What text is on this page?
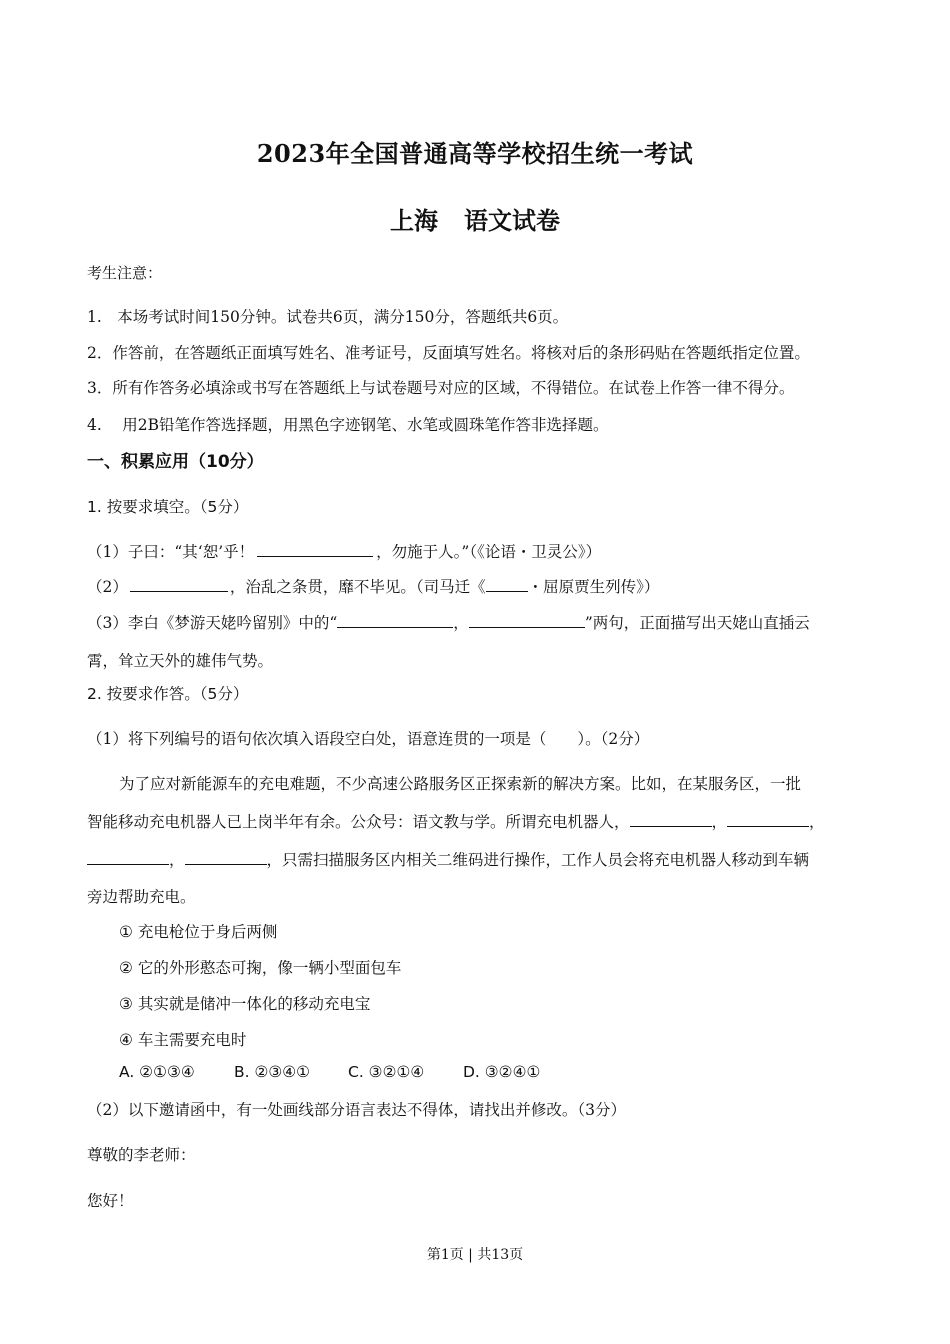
2023年全国普通高等学校招生统一考试
上海 语文试卷
考生注意：
1.　本场考试时间150分钟。试卷共6页，满分150分，答题纸共6页。
2．作答前，在答题纸正面填写姓名、准考证号，反面填写姓名。将核对后的条形码贴在答题纸指定位置。
3．所有作答务必填涂或书写在答题纸上与试卷题号对应的区域，不得错位。在试卷上作答一律不得分。
4.　 用2B铅笔作答选择题，用黑色字迹钢笔、水笔或圆珠笔作答非选择题。
一、积累应用（10分）
1. 按要求填空。（5分）
（1）子曰：“其‘恕’乎！	，勿施于人。”（《论语・卫灵公》）
（2）	，治乱之条贯，靡不毕见。（司马迁《	・屈原贾生列传》）
（3）李白《梦游天姥吟留别》中的“	，	”两句，正面描写出天姥山直插云
霄，耸立天外的雄伟气势。
2. 按要求作答。（5分）
（1）将下列编号的语句依次填入语段空白处，语意连贯的一项是（　　）。（2分）
为了应对新能源车的充电难题，不少高速公路服务区正探索新的解决方案。比如，在某服务区，一批
智能移动充电机器人已上岗半年有余。公众号：语文教与学。所谓充电机器人，	，	，
，	，只需扫描服务区内相关二维码进行操作，工作人员会将充电机器人移动到车辆
旁边帮助充电。
① 充电枪位于身后两侧
② 它的外形憨态可掬，像一辆小型面包车
③ 其实就是储冲一体化的移动充电宝
④ 车主需要充电时
A. ②①③④	B. ②③④① C. ③②①④ D. ③②④①
（2）以下邀请函中，有一处画线部分语言表达不得体，请找出并修改。（3分）
尊敬的李老师：
您好！
第1页 | 共13页
